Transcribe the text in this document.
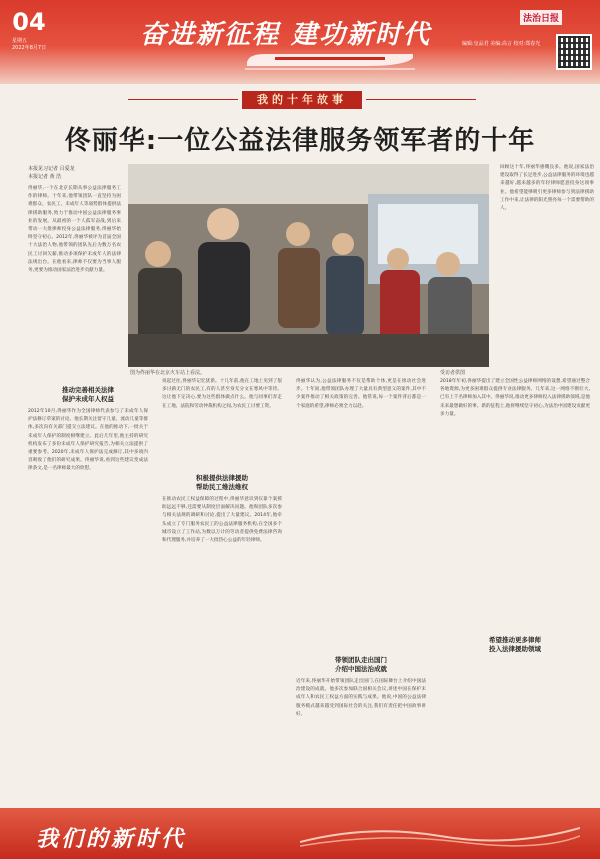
04
星期五
2022年8月7日	奋进新征程 建功新时代
法治日报
编辑:皇品君 美编:高言 校对:郑春光
我的十年故事
佟丽华:一位公益法律服务领军者的十年
本报见习记者 吕爱龙
本报记者 黄 浩
图为佟丽华在北京火车站上看法。	受访者供图
佟丽华,一个在北京长期从事公益法律服务工作的律师。十年来,他带领团队一直坚持为困难群众、农民工、未成年人等弱势群体提供法律援助服务,致力于推动中国公益法律服务事业的发展。从最初的一个人孤军奋战,到后来带动一大批律师投身公益法律服务,佟丽华始终坚守初心。2012年,佟丽华被评为首届全国十大法治人物,他带领的团队先后为数万名农民工讨回欠薪,推动多项保护未成年人的法律法规出台。在他看来,律师不仅要为当事人服务,更要为推动国家法治进步贡献力量。
推动完善相关法律
保护未成年人权益
2012年10月,佟丽华作为全国律师代表参与了未成年人保护法修订草案的讨论。他长期关注留守儿童、流动儿童等群体,多次向有关部门提交立法建议。在他的推动下,一批关于未成年人保护的制度相继建立。此后几年里,他主持的研究机构发布了多份未成年人保护研究报告,为相关立法提供了重要参考。2020年,未成年人保护法完成修订,其中多项内容吸收了他们的研究成果。佟丽华说,看到这些建议变成法律条文,是一名律师最大的欣慰。
说起过往,佟丽华记忆犹新。十几年前,他在工地上见到了很多讨薪无门的农民工,有的人甚至身无分文在寒风中等待。这让他下定决心,要为这些群体做点什么。他与同事们奔走在工地、法院和劳动仲裁机构之间,为农民工讨要工资。
积极提供法律援助
帮助民工维法维权
在推动农民工权益保障的过程中,佟丽华意识到仅靠个案援助远远不够,还需要从制度层面解决问题。他和团队多次参与相关法规的调研和讨论,提出了大量建议。2014年,他牵头成立了专门服务农民工的公益法律服务机构,在全国多个城市设立了工作站,为数以万计的劳动者提供免费法律咨询和代理服务,并培养了一大批热心公益的年轻律师。
佟丽华认为,公益法律服务不仅是帮助个体,更是在推动社会进步。十年间,他带领团队办理了大量具有典型意义的案件,其中不少案件推动了相关政策的完善。他常说,每一个案件背后都是一个家庭的希望,律师必须全力以赴。
带领团队走出国门
介绍中国法治成就
近年来,佟丽华开始带领团队走出国门,在国际舞台上介绍中国法治建设的成就。他多次参加联合国相关会议,讲述中国在保护未成年人和农民工权益方面的实践与成果。他说,中国的公益法律服务模式越来越受到国际社会的关注,我们有责任把中国故事讲好。
回顾这十年,佟丽华感慨良多。他说,国家法治建设取得了长足进步,公益法律服务的环境也越来越好,越来越多的年轻律师愿意投身这项事业。他希望能够吸引更多律师参与到法律援助工作中来,让法律的阳光照亮每一个需要帮助的人。
希望推动更多律师
投入法律援助领域
2018年年初,佟丽华提出了建立全国性公益律师网络的设想,希望通过整合各地资源,为更多困难群众提供专业法律服务。几年来,这一网络不断壮大,已有上千名律师加入其中。佟丽华说,推动更多律师投入法律援助领域,是他未来最想做好的事。新的征程上,他将继续坚守初心,为法治中国建设贡献更多力量。
我们的新时代
